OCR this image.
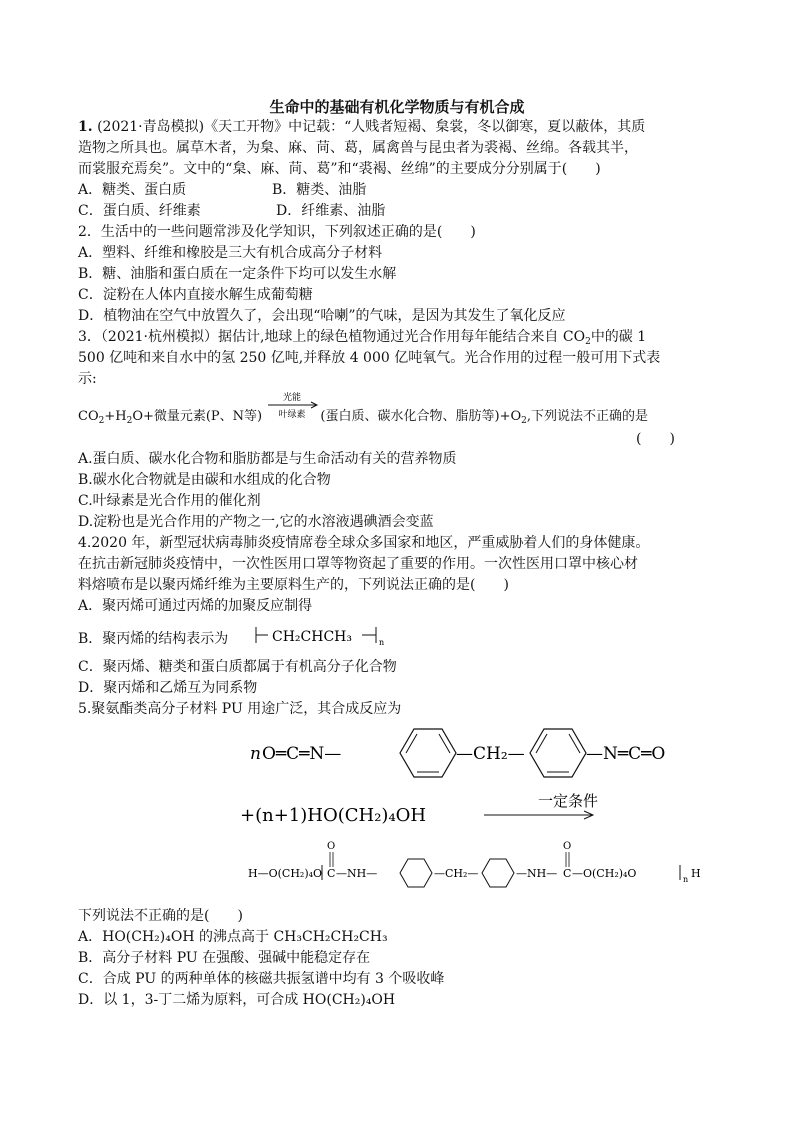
生命中的基础有机化学物质与有机合成
1. (2021·青岛模拟)《天工开物》中记载：“人贱者短褐、枲裳，冬以御寒，夏以蔽体，其质
造物之所具也。属草木者，为枲、麻、苘、葛，属禽兽与昆虫者为裘褐、丝绵。各载其半，
而裳服充焉矣”。文中的“枲、麻、苘、葛”和“裘褐、丝绵”的主要成分分别属于(　　)
A．糖类、蛋白质	B．糖类、油脂
C．蛋白质、纤维素	D．纤维素、油脂
2．生活中的一些问题常涉及化学知识，下列叙述正确的是(　　)
A．塑料、纤维和橡胶是三大有机合成高分子材料
B．糖、油脂和蛋白质在一定条件下均可以发生水解
C．淀粉在人体内直接水解生成葡萄糖
D．植物油在空气中放置久了，会出现“哈喇”的气味，是因为其发生了氧化反应
3．（2021·杭州模拟）据估计,地球上的绿色植物通过光合作用每年能结合来自 $CO_2$中的碳 1
500 亿吨和来自水中的氢 250 亿吨,并释放 4 000 亿吨氧气。光合作用的过程一般可用下式表
示:
$CO_2+H_2O+$微量元素(P、N等)	(蛋白质、碳水化合物、脂肪等)$+O_2$,下列说法不正确的是
光能
叶绿素
(　　)
A.蛋白质、碳水化合物和脂肪都是与生命活动有关的营养物质
B.碳水化合物就是由碳和水组成的化合物
C.叶绿素是光合作用的催化剂
D.淀粉也是光合作用的产物之一,它的水溶液遇碘酒会变蓝
4.2020 年，新型冠状病毒肺炎疫情席卷全球众多国家和地区，严重威胁着人们的身体健康。
在抗击新冠肺炎疫情中，一次性医用口罩等物资起了重要的作用。一次性医用口罩中核心材
料熔喷布是以聚丙烯纤维为主要原料生产的，下列说法正确的是(　　)
A．聚丙烯可通过丙烯的加聚反应制得
B．聚丙烯的结构表示为	CH₂CHCH₃	n
C．聚丙烯、糖类和蛋白质都属于有机高分子化合物
D．聚丙烯和乙烯互为同系物
5.聚氨酯类高分子材料 PU 用途广泛，其合成反应为
n O═C═N—	—CH₂—	—N═C═O
+(n+1)HO(CH₂)₄OH
一定条件
H—O(CH₂)₄O C
O
—NH—	—CH₂—	—NH— C
O
—O(CH₂)₄O	n H
下列说法不正确的是(　　)
A．HO(CH₂)₄OH 的沸点高于 CH₃CH₂CH₂CH₃
B．高分子材料 PU 在强酸、强碱中能稳定存在
C．合成 PU 的两种单体的核磁共振氢谱中均有 3 个吸收峰
D．以 1，3-丁二烯为原料，可合成 HO(CH₂)₄OH
